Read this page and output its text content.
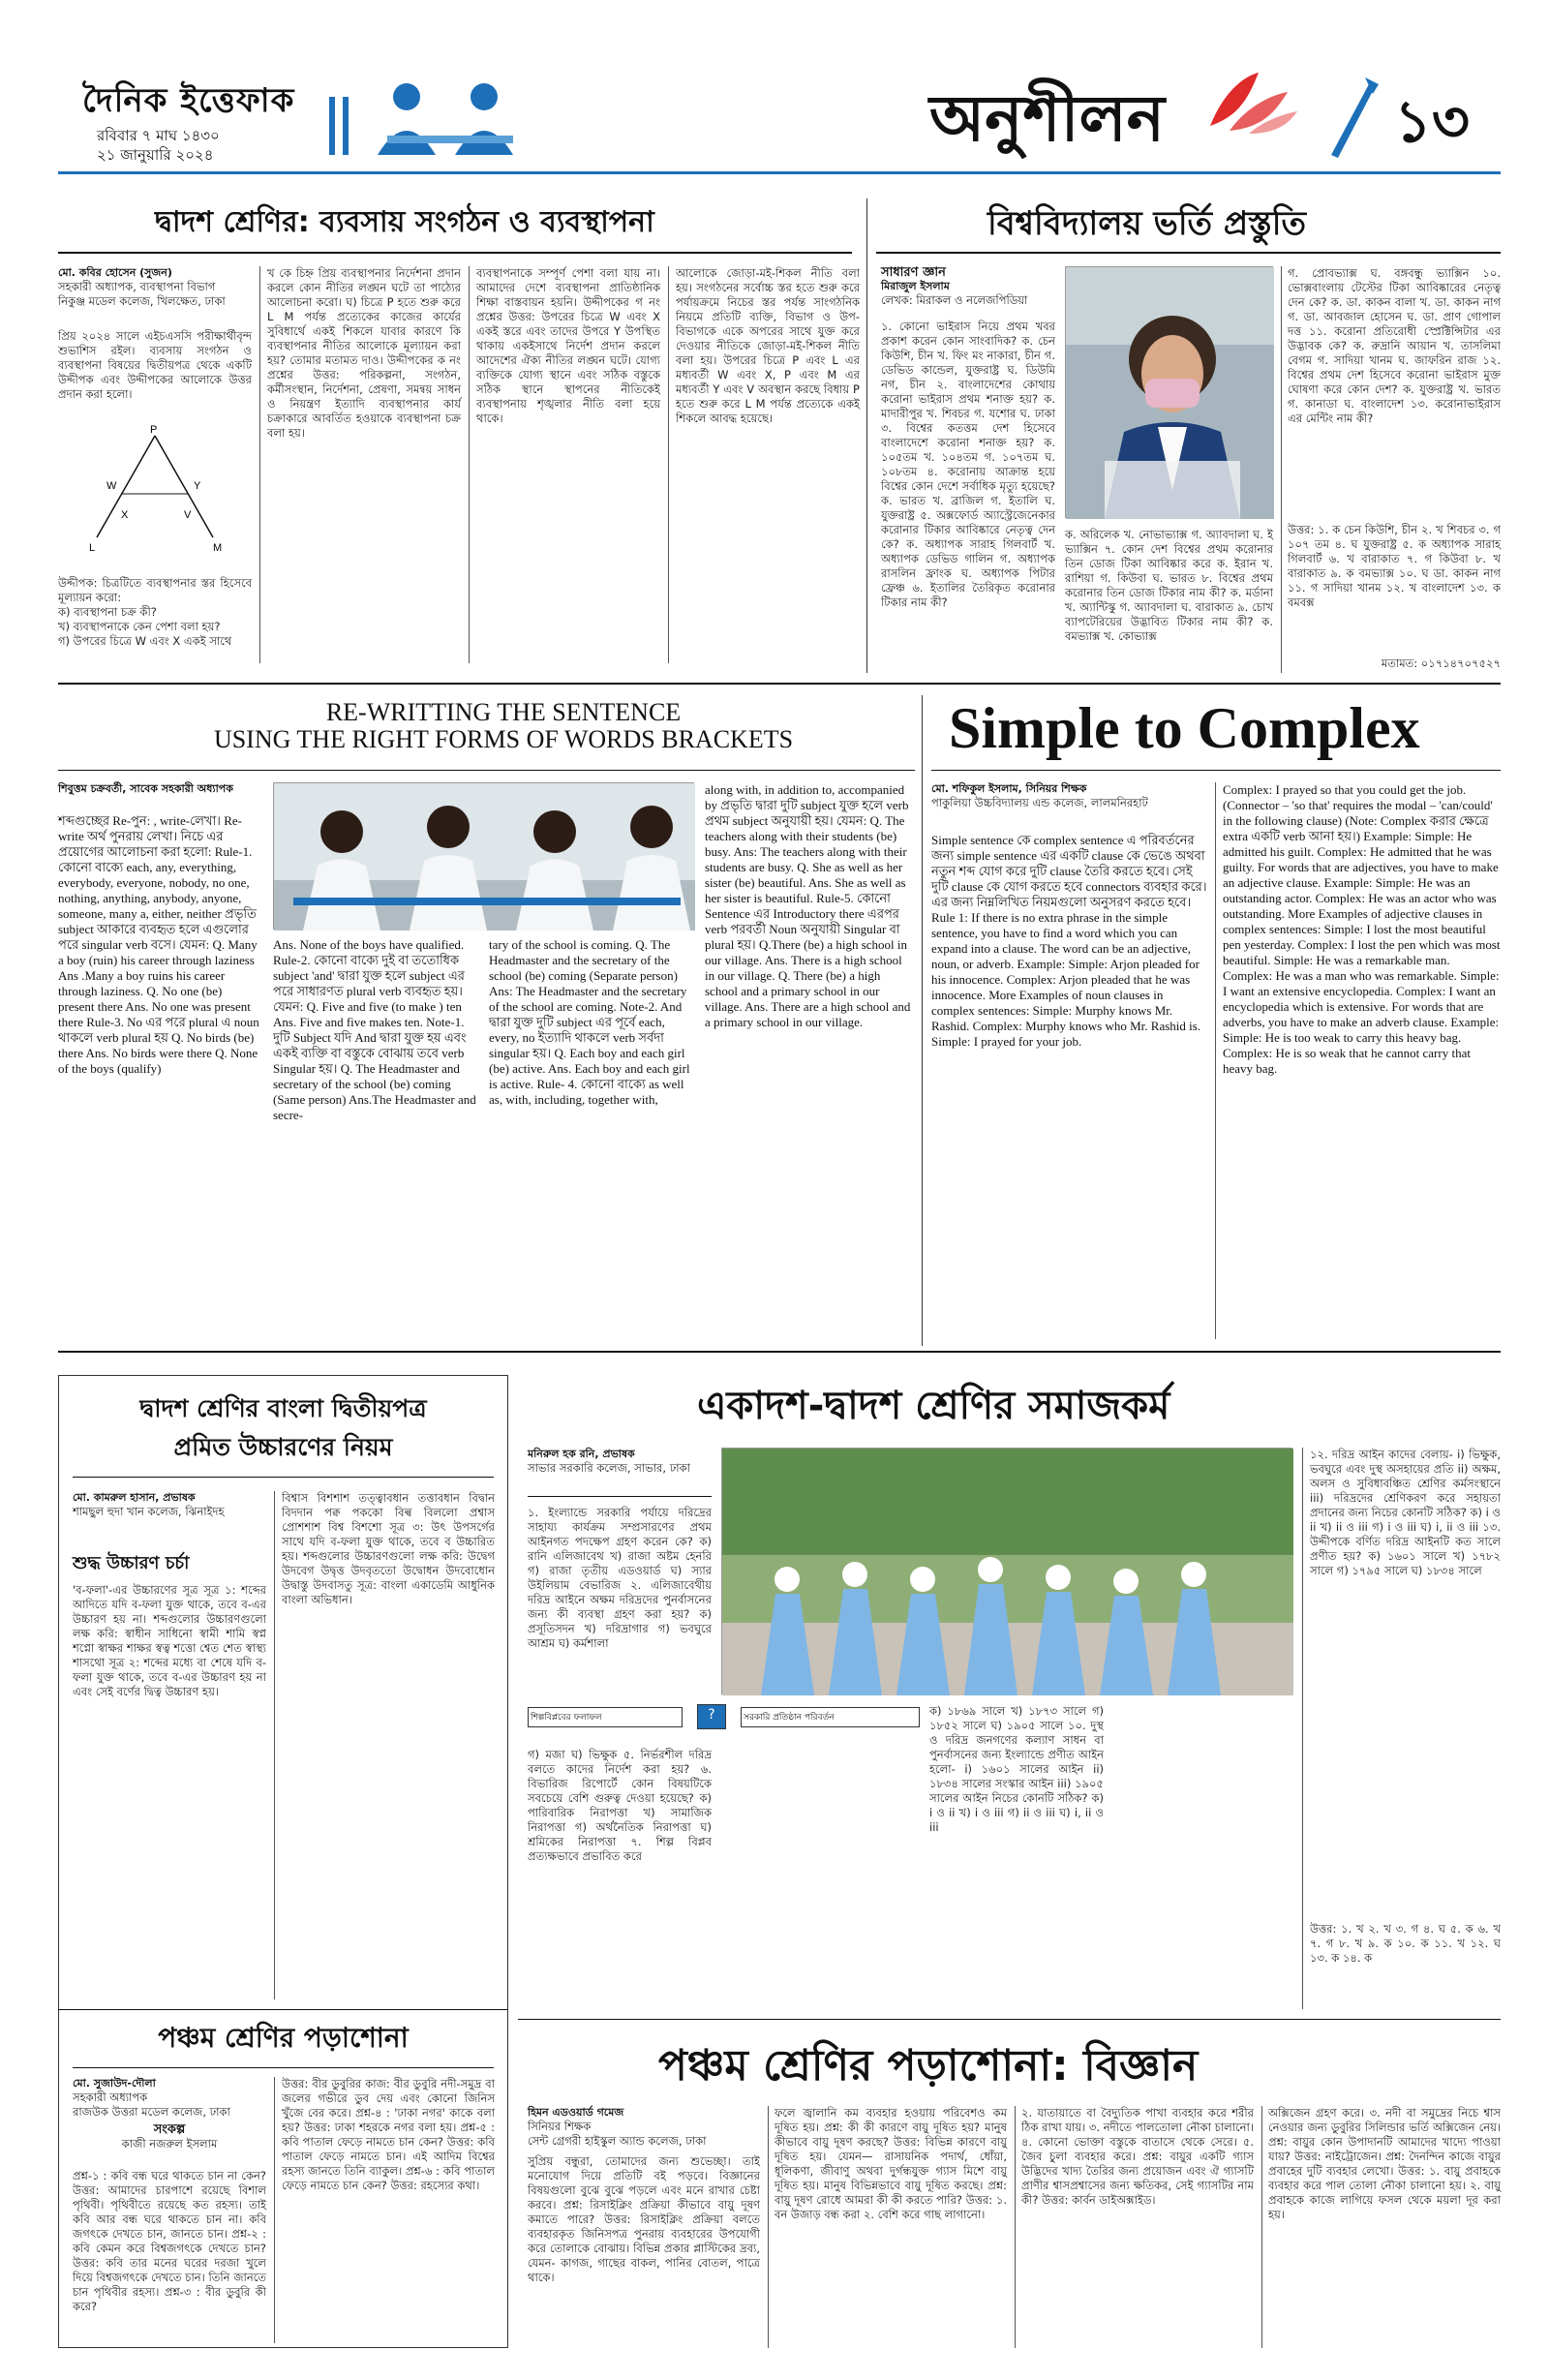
দৈনিক ইত্তেফাক
রবিবার ৭ মাঘ ১৪৩০
২১ জানুয়ারি ২০২৪	অনুশীলন	১৩
দ্বাদশ শ্রেণির: ব্যবসায় সংগঠন ও ব্যবস্থাপনা
মো. কবির হোসেন (সুজন)
সহকারী অধ্যাপক, ব্যবস্থাপনা বিভাগ
নিকুঞ্জ মডেল কলেজ, খিলক্ষেত, ঢাকা
প্রিয় ২০২৪ সালে এইচএসসি পরীক্ষার্থীবৃন্দ শুভাশিস রইল। ব্যবসায় সংগঠন ও ব্যবস্থাপনা বিষয়ের দ্বিতীয়পত্র থেকে একটি উদ্দীপক এবং উদ্দীপকের আলোকে উত্তর প্রদান করা হলো।
P
W	Y
X	V
L	M
উদ্দীপক: চিত্রটিতে ব্যবস্থাপনার স্তর হিসেবে মূল্যায়ন করো:
ক) ব্যবস্থাপনা চক্র কী?
খ) ব্যবস্থাপনাকে কেন পেশা বলা হয়?
গ) উপরের চিত্রে W এবং X একই সাথে
খ কে চিহ্ন প্রিয় ব্যবস্থাপনার নির্দেশনা প্রদান করলে কোন নীতির লঙ্ঘন ঘটে তা পাঠ্যের আলোচনা করো। ঘ) চিত্রে P হতে শুরু করে L M পর্যন্ত প্রত্যেকের কাজের কার্যের সুবিধার্থে একই শিকলে যাবার কারণে কি ব্যবস্থাপনার নীতির আলোকে মূল্যায়ন করা হয়? তোমার মতামত দাও। উদ্দীপকের ক নং প্রশ্নের উত্তর: পরিকল্পনা, সংগঠন, কর্মীসংস্থান, নির্দেশনা, প্রেষণা, সমন্বয় সাধন ও নিয়ন্ত্রণ ইত্যাদি ব্যবস্থাপনার কার্য চক্রাকারে আবর্তিত হওয়াকে ব্যবস্থাপনা চক্র বলা হয়।
ব্যবস্থাপনাকে সম্পূর্ণ পেশা বলা যায় না। আমাদের দেশে ব্যবস্থাপনা প্রাতিষ্ঠানিক শিক্ষা বাস্তবায়ন হয়নি। উদ্দীপকের গ নং প্রশ্নের উত্তর: উপরের চিত্রে W এবং X একই স্তরে এবং তাদের উপরে Y উপস্থিত থাকায় একইসাথে নির্দেশ প্রদান করলে আদেশের ঐক্য নীতির লঙ্ঘন ঘটে। যোগ্য ব্যক্তিকে যোগ্য স্থানে এবং সঠিক বস্তুকে সঠিক স্থানে স্থাপনের নীতিকেই ব্যবস্থাপনায় শৃঙ্খলার নীতি বলা হয়ে থাকে।
আলোকে জোড়া-মই-শিকল নীতি বলা হয়। সংগঠনের সর্বোচ্চ স্তর হতে শুরু করে পর্যায়ক্রমে নিচের স্তর পর্যন্ত সাংগঠনিক নিয়মে প্রতিটি ব্যক্তি, বিভাগ ও উপ-বিভাগকে একে অপরের সাথে যুক্ত করে দেওয়ার নীতিকে জোড়া-মই-শিকল নীতি বলা হয়। উপরের চিত্রে P এবং L এর মধ্যবর্তী W এবং X, P এবং M এর মধ্যবর্তী Y এবং V অবস্থান করছে বিধায় P হতে শুরু করে L M পর্যন্ত প্রত্যেকে একই শিকলে আবদ্ধ হয়েছে।
বিশ্ববিদ্যালয় ভর্তি প্রস্তুতি
সাধারণ জ্ঞান
মিরাজুল ইসলাম
লেখক: মিরাকল ও নলেজপিডিয়া
১. কোনো ভাইরাস নিয়ে প্রথম খবর প্রকাশ করেন কোন সাংবাদিক? ক. চেন কিউশি, চীন খ. ফিং মং নাকারা, চীন গ. ডেভিড কান্ডেল, যুক্তরাষ্ট্র ঘ. ডিউমি নগ, চীন ২. বাংলাদেশের কোথায় করোনা ভাইরাস প্রথম শনাক্ত হয়? ক. মাদারীপুর খ. শিবচর গ. যশোর ঘ. ঢাকা ৩. বিশ্বের কতত্তম দেশ হিসেবে বাংলাদেশে করোনা শনাক্ত হয়? ক. ১০৫তম খ. ১০৪তম গ. ১০৭তম ঘ. ১০৮তম ৪. করোনায় আক্রান্ত হয়ে বিশ্বের কোন দেশে সর্বাধিক মৃত্যু হয়েছে? ক. ভারত খ. ব্রাজিল গ. ইতালি ঘ. যুক্তরাষ্ট্র ৫. অক্সফোর্ড অ্যাস্ট্রেজেনেকার করোনার টিকার আবিষ্কারে নেতৃত্ব দেন কে? ক. অধ্যাপক সারাহ গিলবার্ট খ. অধ্যাপক ডেভিড গালিন গ. অধ্যাপক রাসলিন ফ্রাংক ঘ. অধ্যাপক পিটার ফ্রেঞ্চ ৬. ইতালির তৈরিকৃত করোনার টিকার নাম কী?
ক. অরিলেক খ. নোভাভ্যাক্স গ. অ্যাবদালা ঘ. ই ভ্যাক্সিন ৭. কোন দেশ বিশ্বের প্রথম করোনার তিন ডোজ টিকা আবিষ্কার করে ক. ইরান খ. রাশিয়া গ. কিউবা ঘ. ভারত ৮. বিশ্বের প্রথম করোনার তিন ডোজ টিকার নাম কী? ক. মর্ডানা খ. অ্যান্টিস্কু গ. অ্যাবদালা ঘ. বারাকাত ৯. চোখ ব্যাপটেরিয়ের উদ্ভাবিত টিকার নাম কী? ক. বমভ্যাক্স খ. কোভ্যাক্স
গ. প্রোবভ্যাক্স ঘ. বঙ্গবন্ধু ভ্যাক্সিন ১০. ভোক্সবাংলায় টেস্টের টিকা আবিষ্কারের নেতৃত্ব দেন কে? ক. ডা. কাকন বালা খ. ডা. কাকন নাগ গ. ডা. আবজাল হোসেন ঘ. ডা. প্রাণ গোপাল দত্ত ১১. করোনা প্রতিরোধী স্প্রেক্টিন্সিটার এর উদ্ভাবক কে? ক. রুদ্রানি আয়ান খ. তাসলিমা বেগম গ. সাদিয়া খানম ঘ. জাফরিন রাজ ১২. বিশ্বের প্রথম দেশ হিসেবে করোনা ভাইরাস মুক্ত ঘোষণা করে কোন দেশ? ক. যুক্তরাষ্ট্র খ. ভারত গ. কানাডা ঘ. বাংলাদেশ ১৩. করোনাভাইরাস এর মেন্টিং নাম কী?
উত্তর: ১. ক চেন কিউশি, চীন ২. খ শিবচর ৩. গ ১০৭ তম ৪. ঘ যুক্তরাষ্ট্র ৫. ক অধ্যাপক সারাহ গিলবার্ট ৬. খ বারাকাত ৭. গ কিউবা ৮. খ বারাকাত ৯. ক বমভ্যাক্স ১০. ঘ ডা. কাকন নাগ ১১. গ সাদিয়া খানম ১২. খ বাংলাদেশ ১৩. ক বমবক্স
মতামত: ০১৭১৪৭০৭৫২৭
RE-WRITTING THE SENTENCE
USING THE RIGHT FORMS OF WORDS BRACKETS
শিবুত্তম চক্রবর্তী, সাবেক সহকারী অধ্যাপক
শব্দগুচ্ছের Re-পুন: , write-লেখা। Re-write অর্থ পুনরায় লেখা। নিচে এর প্রয়োগের আলোচনা করা হলো: Rule-1. কোনো বাক্যে each, any, everything, everybody, everyone, nobody, no one, nothing, anything, anybody, anyone, someone, many a, either, neither প্রভৃতি subject আকারে ব্যবহৃত হলে এগুলোর পরে singular verb বসে। যেমন: Q. Many a boy (ruin) his career through laziness Ans .Many a boy ruins his career through laziness. Q. No one (be) present there Ans. No one was present there Rule-3. No এর পরে plural এ noun থাকলে verb plural হয় Q. No birds (be) there Ans. No birds were there Q. None of the boys (qualify)
Ans. None of the boys have qualified. Rule-2. কোনো বাক্যে দুই বা ততোধিক subject 'and' দ্বারা যুক্ত হলে subject এর পরে সাধারণত plural verb ব্যবহৃত হয়। যেমন: Q. Five and five (to make ) ten Ans. Five and five makes ten. Note-1. দুটি Subject যদি And দ্বারা যুক্ত হয় এবং একই ব্যক্তি বা বস্তুকে বোঝায় তবে verb Singular হয়। Q. The Headmaster and secretary of the school (be) coming (Same person) Ans.The Headmaster and secre-
tary of the school is coming. Q. The Headmaster and the secretary of the school (be) coming (Separate person) Ans: The Headmaster and the secretary of the school are coming. Note-2. And দ্বারা যুক্ত দুটি subject এর পূর্বে each, every, no ইত্যাদি থাকলে verb সর্বদা singular হয়। Q. Each boy and each girl (be) active. Ans. Each boy and each girl is active. Rule- 4. কোনো বাক্যে as well as, with, including, together with,
along with, in addition to, accompanied by প্রভৃতি দ্বারা দুটি subject যুক্ত হলে verb প্রথম subject অনুযায়ী হয়। যেমন: Q. The teachers along with their students (be) busy. Ans: The teachers along with their students are busy. Q. She as well as her sister (be) beautiful. Ans. She as well as her sister is beautiful. Rule-5. কোনো Sentence এর Introductory there এরপর verb পরবর্তী Noun অনুযায়ী Singular বা plural হয়। Q.There (be) a high school in our village. Ans. There is a high school in our village. Q. There (be) a high school and a primary school in our village. Ans. There are a high school and a primary school in our village.
Simple to Complex
মো. শফিকুল ইসলাম, সিনিয়র শিক্ষক
পাকুলিয়া উচ্চবিদ্যালয় এন্ড কলেজ, লালমনিরহাট
Simple sentence কে complex sentence এ পরিবর্তনের জন্য simple sentence এর একটি clause কে ভেঙে অথবা নতুন শব্দ যোগ করে দুটি clause তৈরি করতে হবে। সেই দুটি clause কে যোগ করতে হবে connectors ব্যবহার করে। এর জন্য নিম্নলিখিত নিয়মগুলো অনুসরণ করতে হবে। Rule 1: If there is no extra phrase in the simple sentence, you have to find a word which you can expand into a clause. The word can be an adjective, noun, or adverb. Example: Simple: Arjon pleaded for his innocence. Complex: Arjon pleaded that he was innocence. More Examples of noun clauses in complex sentences: Simple: Murphy knows Mr. Rashid. Complex: Murphy knows who Mr. Rashid is. Simple: I prayed for your job.
Complex: I prayed so that you could get the job. (Connector – 'so that' requires the modal – 'can/could' in the following clause) (Note: Complex করার ক্ষেত্রে extra একটি verb আনা হয়।) Example: Simple: He admitted his guilt. Complex: He admitted that he was guilty. For words that are adjectives, you have to make an adjective clause. Example: Simple: He was an outstanding actor. Complex: He was an actor who was outstanding. More Examples of adjective clauses in complex sentences: Simple: I lost the most beautiful pen yesterday. Complex: I lost the pen which was most beautiful. Simple: He was a remarkable man. Complex: He was a man who was remarkable. Simple: I want an extensive encyclopedia. Complex: I want an encyclopedia which is extensive. For words that are adverbs, you have to make an adverb clause. Example: Simple: He is too weak to carry this heavy bag. Complex: He is so weak that he cannot carry that heavy bag.
দ্বাদশ শ্রেণির বাংলা দ্বিতীয়পত্র
প্রমিত উচ্চারণের নিয়ম
মো. কামরুল হাসান, প্রভাষক
শামছুল হুদা খান কলেজ, ঝিনাইদহ
শুদ্ধ উচ্চারণ চর্চা
'ব-ফলা'-এর উচ্চারণের সূত্র সূত্র ১: শব্দের আদিতে যদি ব-ফলা যুক্ত থাকে, তবে ব-এর উচ্চারণ হয় না। শব্দগুলোর উচ্চারণগুলো লক্ষ করি: স্বাধীন সাধিনো স্বামী শামি স্বপ্ন শপ্নো স্বাক্ষর শাক্ষর স্বত্ব শত্তো শ্বেত শেত স্বাস্থ্য শাসথো সূত্র ২: শব্দের মধ্যে বা শেষে যদি ব-ফলা যুক্ত থাকে, তবে ব-এর উচ্চারণ হয় না এবং সেই বর্ণের দ্বিত্ব উচ্চারণ হয়।
বিশ্বাস বিশশাশ তত্ত্বাবধান তত্তাবধান বিদ্বান বিদদান পক্ব পককো বিল্ব বিললো প্রশ্বাস প্রোশশাশ বিশ্ব বিশশো সূত্র ৩: উৎ উপসর্গের সাথে যদি ব-ফলা যুক্ত থাকে, তবে ব উচ্চারিত হয়। শব্দগুলোর উচ্চারণগুলো লক্ষ করি: উদ্বেগ উদবেগ উদ্বৃত্ত উদবৃততো উদ্বোধন উদবোধোন উদ্বাস্তু উদবাসতু সূত্র: বাংলা একাডেমি আধুনিক বাংলা অভিধান।
পঞ্চম শ্রেণির পড়াশোনা
মো. সুজাউদ-দৌলা
সহকারী অধ্যাপক
রাজউক উত্তরা মডেল কলেজ, ঢাকা
সংকল্প
কাজী নজরুল ইসলাম
প্রশ্ন-১ : কবি বন্ধ ঘরে থাকতে চান না কেন? উত্তর: আমাদের চারপাশে রয়েছে বিশাল পৃথিবী। পৃথিবীতে রয়েছে কত রহস্য। তাই কবি আর বন্ধ ঘরে থাকতে চান না। কবি জগৎকে দেখতে চান, জানতে চান। প্রশ্ন-২ : কবি কেমন করে বিশ্বজগৎকে দেখতে চান? উত্তর: কবি তার মনের ঘরের দরজা খুলে দিয়ে বিশ্বজগৎকে দেখতে চান। তিনি জানতে চান পৃথিবীর রহস্য। প্রশ্ন-৩ : বীর ডুবুরি কী করে?
উত্তর: বীর ডুবুরির কাজ: বীর ডুবুরি নদী-সমুদ্র বা জলের গভীরে ডুব দেয় এবং কোনো জিনিস খুঁজে বের করে। প্রশ্ন-৪ : 'ঢাকা নগর' কাকে বলা হয়? উত্তর: ঢাকা শহরকে নগর বলা হয়। প্রশ্ন-৫ : কবি পাতাল ফেড়ে নামতে চান কেন? উত্তর: কবি পাতাল ফেড়ে নামতে চান। এই আদিম বিশ্বের রহস্য জানতে তিনি ব্যাকুল। প্রশ্ন-৬ : কবি পাতাল ফেড়ে নামতে চান কেন? উত্তর: রহস্যের কথা।
একাদশ-দ্বাদশ শ্রেণির সমাজকর্ম
মনিরুল হক রনি, প্রভাষক
সাভার সরকারি কলেজ, সাভার, ঢাকা
১. ইংল্যান্ডে সরকারি পর্যায়ে দরিদ্রের সাহায্য কার্যক্রম সম্প্রসারণের প্রথম আইনগত পদক্ষেপ গ্রহণ করেন কে? ক) রানি এলিজাবেথ খ) রাজা অষ্টম হেনরি গ) রাজা তৃতীয় এডওয়ার্ড ঘ) স্যার উইলিয়াম বেভারিজ ২. এলিজাবেথীয় দরিদ্র আইনে অক্ষম দরিদ্রদের পুনর্বাসনের জন্য কী ব্যবস্থা গ্রহণ করা হয়? ক) প্রসূতিসদন খ) দরিদ্রাগার গ) ভবঘুরে আশ্রম ঘ) কর্মশালা
শিল্পবিপ্লবের ফলাফল	?	সরকারি প্রতিষ্ঠান পরিবর্তন
গ) মজা ঘ) ভিক্ষুক ৫. নির্ভরশীল দরিদ্র বলতে কাদের নির্দেশ করা হয়? ৬. বিভারিজ রিপোর্টে কোন বিষয়টিকে সবচেয়ে বেশি গুরুত্ব দেওয়া হয়েছে? ক) পারিবারিক নিরাপত্তা খ) সামাজিক নিরাপত্তা গ) অর্থনৈতিক নিরাপত্তা ঘ) শ্রমিকের নিরাপত্তা ৭. শিল্প বিপ্লব প্রত্যক্ষভাবে প্রভাবিত করে
ক) ১৮৬৯ সালে খ) ১৮৭৩ সালে গ) ১৮৫২ সালে ঘ) ১৯০৫ সালে ১০. দুস্থ ও দরিদ্র জনগণের কল্যাণ সাধন বা পুনর্বাসনের জন্য ইংল্যান্ডে প্রণীত আইন হলো- i) ১৬০১ সালের আইন ii) ১৮৩৪ সালের সংস্কার আইন iii) ১৯০৫ সালের আইন নিচের কোনটি সঠিক? ক) i ও ii খ) i ও iii গ) ii ও iii ঘ) i, ii ও iii
১২. দরিদ্র আইন কাদের বেলায়- i) ভিক্ষুক, ভবঘুরে এবং দুস্থ অসহায়ের প্রতি ii) অক্ষম, অলস ও সুবিধাবঞ্চিত শ্রেণির কর্মসংস্থানে iii) দরিদ্রদের শ্রেণিকরণ করে সহায়তা প্রদানের জন্য নিচের কোনটি সঠিক? ক) i ও ii খ) ii ও iii গ) i ও iii ঘ) i, ii ও iii ১৩. উদ্দীপকে বর্ণিত দরিদ্র আইনটি কত সালে প্রণীত হয়? ক) ১৬০১ সালে খ) ১৭৮২ সালে গ) ১৭৯৫ সালে ঘ) ১৮৩৪ সালে
উত্তর: ১. খ ২. খ ৩. গ ৪. ঘ ৫. ক ৬. খ ৭. গ ৮. খ ৯. ক ১০. ক ১১. খ ১২. ঘ ১৩. ক ১৪. ক
পঞ্চম শ্রেণির পড়াশোনা: বিজ্ঞান
হিমন এডওয়ার্ড গমেজ
সিনিয়র শিক্ষক
সেন্ট গ্রেগরী হাইস্কুল অ্যান্ড কলেজ, ঢাকা
সুপ্রিয় বন্ধুরা, তোমাদের জন্য শুভেচ্ছা। তাই মনোযোগ দিয়ে প্রতিটি বই পড়বে। বিজ্ঞানের বিষয়গুলো বুঝে বুঝে পড়লে এবং মনে রাখার চেষ্টা করবে। প্রশ্ন: রিসাইক্লিং প্রক্রিয়া কীভাবে বায়ু দূষণ কমাতে পারে? উত্তর: রিসাইক্লিং প্রক্রিয়া বলতে ব্যবহারকৃত জিনিসপত্র পুনরায় ব্যবহারের উপযোগী করে তোলাকে বোঝায়। বিভিন্ন প্রকার প্লাস্টিকের দ্রব্য, যেমন- কাগজ, গাছের বাকল, পানির বোতল, পাত্রে থাকে।
ফলে জ্বালানি কম ব্যবহার হওয়ায় পরিবেশও কম দূষিত হয়। প্রশ্ন: কী কী কারণে বায়ু দূষিত হয়? মানুষ কীভাবে বায়ু দূষণ করছে? উত্তর: বিভিন্ন কারণে বায়ু দূষিত হয়। যেমন— রাসায়নিক পদার্থ, ধোঁয়া, ধূলিকণা, জীবাণু অথবা দুর্গন্ধযুক্ত গ্যাস মিশে বায়ু দূষিত হয়। মানুষ বিভিন্নভাবে বায়ু দূষিত করছে। প্রশ্ন: বায়ু দূষণ রোধে আমরা কী কী করতে পারি? উত্তর: ১. বন উজাড় বন্ধ করা ২. বেশি করে গাছ লাগানো।
২. যাতায়াতে বা বৈদ্যুতিক পাখা ব্যবহার করে শরীর ঠিক রাখা যায়। ৩. নদীতে পালতোলা নৌকা চালানো। ৪. কোনো ভোক্তা বস্তুকে বাতাসে থেকে সেরে। ৫. জৈব চুলা ব্যবহার করে। প্রশ্ন: বায়ুর একটি গ্যাস উদ্ভিদের খাদ্য তৈরির জন্য প্রয়োজন এবং ঐ গ্যাসটি প্রাণীর শ্বাসপ্রশ্বাসের জন্য ক্ষতিকর, সেই গ্যাসটির নাম কী? উত্তর: কার্বন ডাইঅক্সাইড।
অক্সিজেন গ্রহণ করে। ৩. নদী বা সমুদ্রের নিচে শ্বাস নেওয়ার জন্য ডুবুরির সিলিন্ডার ভর্তি অক্সিজেন নেয়। প্রশ্ন: বায়ুর কোন উপাদানটি আমাদের খাদ্যে পাওয়া যায়? উত্তর: নাইট্রোজেন। প্রশ্ন: দৈনন্দিন কাজে বায়ুর প্রবাহের দুটি ব্যবহার লেখো। উত্তর: ১. বায়ু প্রবাহকে ব্যবহার করে পাল তোলা নৌকা চালানো হয়। ২. বায়ু প্রবাহকে কাজে লাগিয়ে ফসল থেকে ময়লা দূর করা হয়।
